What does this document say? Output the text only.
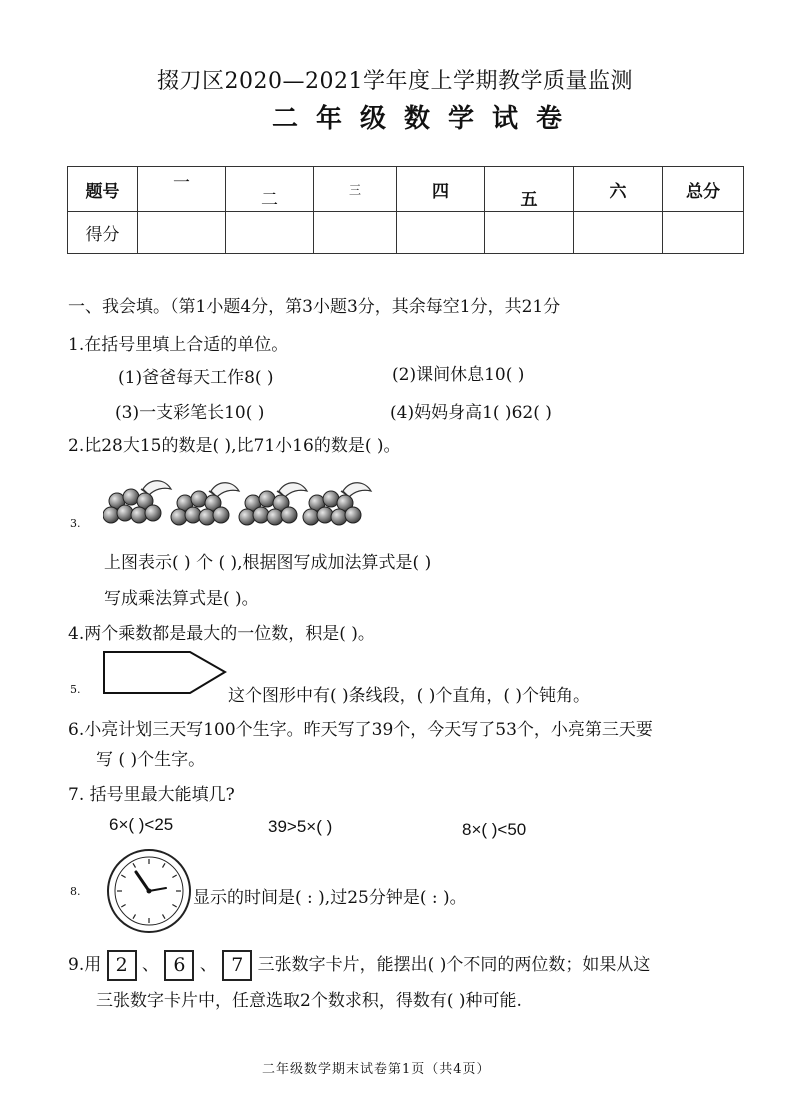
掇刀区2020—2021学年度上学期教学质量监测
二年级数学试卷
题号	一	二	三	四	五	六	总分
得分							
一、我会填。（第1小题4分，第3小题3分，其余每空1分，共21分
1.在括号里填上合适的单位。
(1)爸爸每天工作8( )	(2)课间休息10( )
(3)一支彩笔长10( )	(4)妈妈身高1( )62( )
2.比28大15的数是( ),比71小16的数是( )。
3.
上图表示( ) 个 ( ),根据图写成加法算式是( )
写成乘法算式是( )。
4.两个乘数都是最大的一位数，积是( )。
5.	这个图形中有( )条线段，( )个直角，( )个钝角。
6.小亮计划三天写100个生字。昨天写了39个，今天写了53个，小亮第三天要
写 ( )个生字。
7. 括号里最大能填几?
6×( )<25	39>5×( )	8×( )<50
8.	显示的时间是( : ),过25分钟是( : )。
9.用 2 、 6 、 7 三张数字卡片，能摆出( )个不同的两位数；如果从这
三张数字卡片中，任意选取2个数求积，得数有( )种可能.
二年级数学期末试卷第1页（共4页）
